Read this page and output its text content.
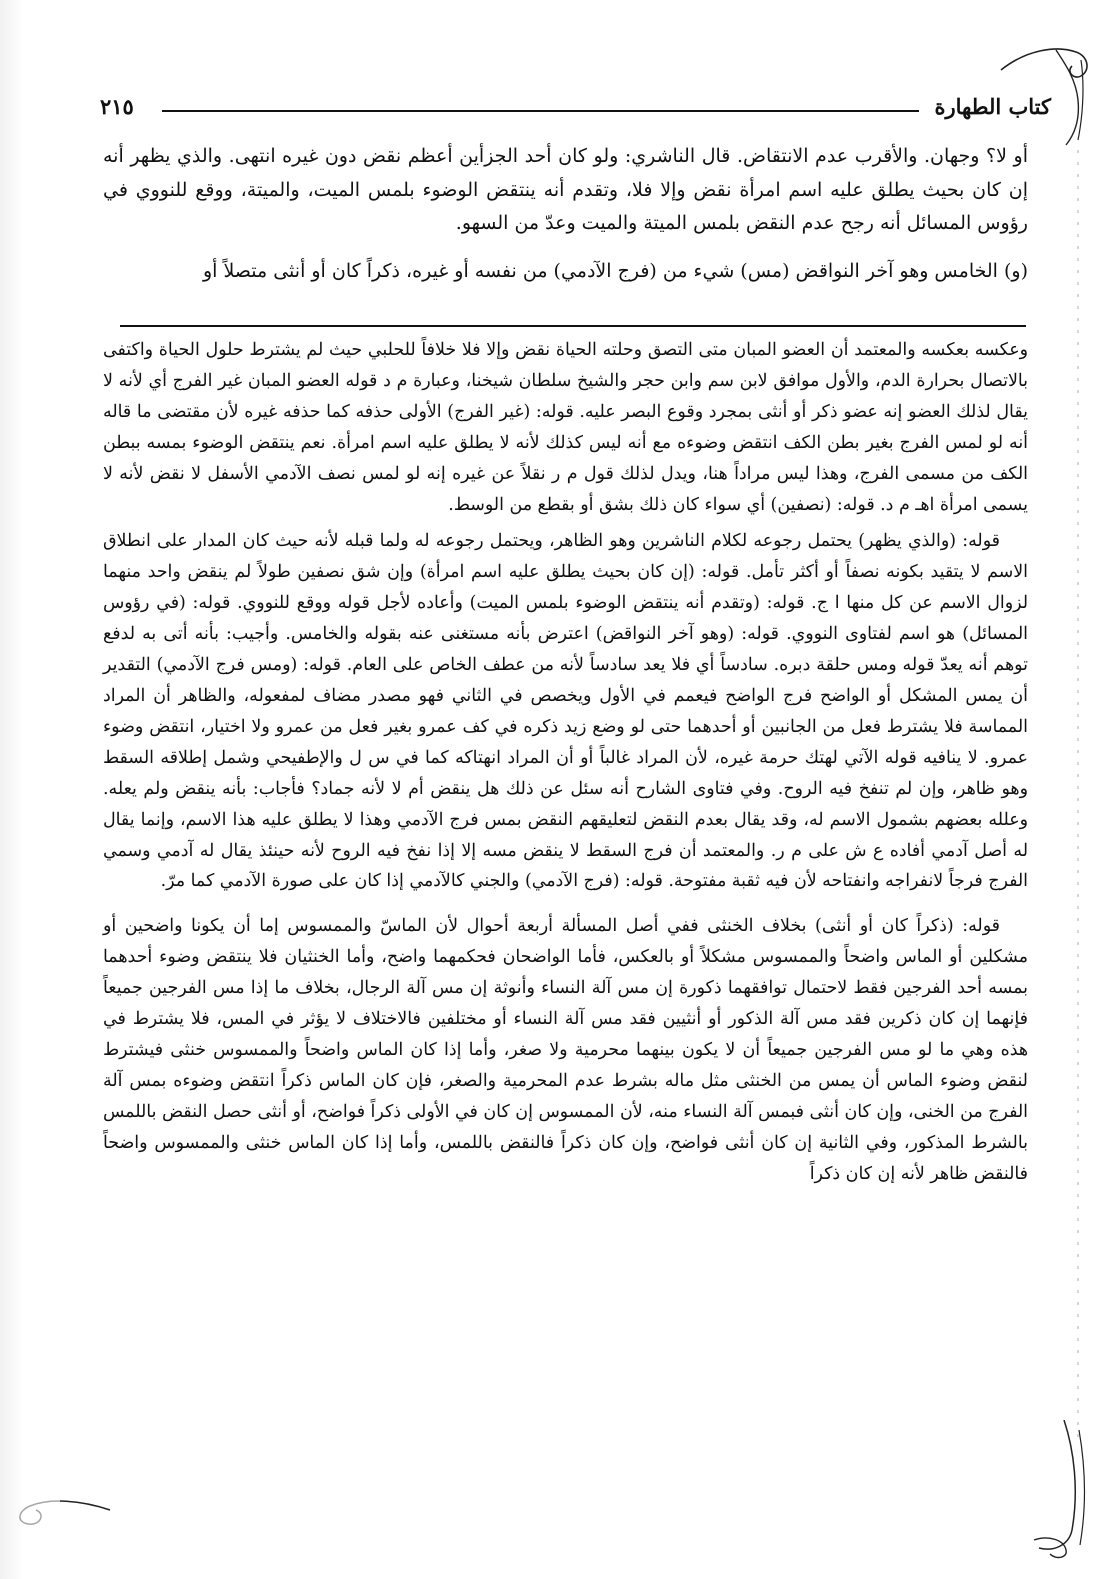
كتاب الطهارة
٢١٥

أو لا؟ وجهان. والأقرب عدم الانتقاض. قال الناشري: ولو كان أحد الجزأين أعظم نقض دون غيره انتهى. والذي يظهر أنه إن كان بحيث يطلق عليه اسم امرأة نقض وإلا فلا، وتقدم أنه ينتقض الوضوء بلمس الميت، والميتة، ووقع للنووي في رؤوس المسائل أنه رجح عدم النقض بلمس الميتة والميت وعدّ من السهو.

(و) الخامس وهو آخر النواقض (مس) شيء من (فرج الآدمي) من نفسه أو غيره، ذكراً كان أو أنثى متصلاً أو

وعكسه بعكسه والمعتمد أن العضو المبان متى التصق وحلته الحياة نقض وإلا فلا خلافاً للحلبي حيث لم يشترط حلول الحياة واكتفى بالاتصال بحرارة الدم، والأول موافق لابن سم وابن حجر والشيخ سلطان شيخنا، وعبارة م د قوله العضو المبان غير الفرج أي لأنه لا يقال لذلك العضو إنه عضو ذكر أو أنثى بمجرد وقوع البصر عليه. قوله: (غير الفرج) الأولى حذفه كما حذفه غيره لأن مقتضى ما قاله أنه لو لمس الفرج بغير بطن الكف انتقض وضوءه مع أنه ليس كذلك لأنه لا يطلق عليه اسم امرأة. نعم ينتقض الوضوء بمسه ببطن الكف من مسمى الفرج، وهذا ليس مراداً هنا، ويدل لذلك قول م ر نقلاً عن غيره إنه لو لمس نصف الآدمي الأسفل لا نقض لأنه لا يسمى امرأة اهـ م د. قوله: (نصفين) أي سواء كان ذلك بشق أو بقطع من الوسط.

قوله: (والذي يظهر) يحتمل رجوعه لكلام الناشرين وهو الظاهر، ويحتمل رجوعه له ولما قبله لأنه حيث كان المدار على انطلاق الاسم لا يتقيد بكونه نصفاً أو أكثر تأمل. قوله: (إن كان بحيث يطلق عليه اسم امرأة) وإن شق نصفين طولاً لم ينقض واحد منهما لزوال الاسم عن كل منها ا ج. قوله: (وتقدم أنه ينتقض الوضوء بلمس الميت) وأعاده لأجل قوله ووقع للنووي. قوله: (في رؤوس المسائل) هو اسم لفتاوى النووي. قوله: (وهو آخر النواقض) اعترض بأنه مستغنى عنه بقوله والخامس. وأجيب: بأنه أتى به لدفع توهم أنه يعدّ قوله ومس حلقة دبره. سادساً أي فلا يعد سادساً لأنه من عطف الخاص على العام. قوله: (ومس فرج الآدمي) التقدير أن يمس المشكل أو الواضح فرج الواضح فيعمم في الأول ويخصص في الثاني فهو مصدر مضاف لمفعوله، والظاهر أن المراد المماسة فلا يشترط فعل من الجانبين أو أحدهما حتى لو وضع زيد ذكره في كف عمرو بغير فعل من عمرو ولا اختيار، انتقض وضوء عمرو. لا ينافيه قوله الآتي لهتك حرمة غيره، لأن المراد غالباً أو أن المراد انهتاكه كما في س ل والإطفيحي وشمل إطلاقه السقط وهو ظاهر، وإن لم تنفخ فيه الروح. وفي فتاوى الشارح أنه سئل عن ذلك هل ينقض أم لا لأنه جماد؟ فأجاب: بأنه ينقض ولم يعله. وعلله بعضهم بشمول الاسم له، وقد يقال بعدم النقض لتعليقهم النقض بمس فرج الآدمي وهذا لا يطلق عليه هذا الاسم، وإنما يقال له أصل آدمي أفاده ع ش على م ر. والمعتمد أن فرج السقط لا ينقض مسه إلا إذا نفخ فيه الروح لأنه حينئذ يقال له آدمي وسمي الفرج فرجاً لانفراجه وانفتاحه لأن فيه ثقبة مفتوحة. قوله: (فرج الآدمي) والجني كالآدمي إذا كان على صورة الآدمي كما مرّ.

قوله: (ذكراً كان أو أنثى) بخلاف الخنثى ففي أصل المسألة أربعة أحوال لأن الماسّ والممسوس إما أن يكونا واضحين أو مشكلين أو الماس واضحاً والممسوس مشكلاً أو بالعكس، فأما الواضحان فحكمهما واضح، وأما الخنثيان فلا ينتقض وضوء أحدهما بمسه أحد الفرجين فقط لاحتمال توافقهما ذكورة إن مس آلة النساء وأنوثة إن مس آلة الرجال، بخلاف ما إذا مس الفرجين جميعاً فإنهما إن كان ذكرين فقد مس آلة الذكور أو أنثيين فقد مس آلة النساء أو مختلفين فالاختلاف لا يؤثر في المس، فلا يشترط في هذه وهي ما لو مس الفرجين جميعاً أن لا يكون بينهما محرمية ولا صغر، وأما إذا كان الماس واضحاً والممسوس خنثى فيشترط لنقض وضوء الماس أن يمس من الخنثى مثل ماله بشرط عدم المحرمية والصغر، فإن كان الماس ذكراً انتقض وضوءه بمس آلة الفرج من الخنى، وإن كان أنثى فبمس آلة النساء منه، لأن الممسوس إن كان في الأولى ذكراً فواضح، أو أنثى حصل النقض باللمس بالشرط المذكور، وفي الثانية إن كان أنثى فواضح، وإن كان ذكراً فالنقض باللمس، وأما إذا كان الماس خنثى والممسوس واضحاً فالنقض ظاهر لأنه إن كان ذكراً
